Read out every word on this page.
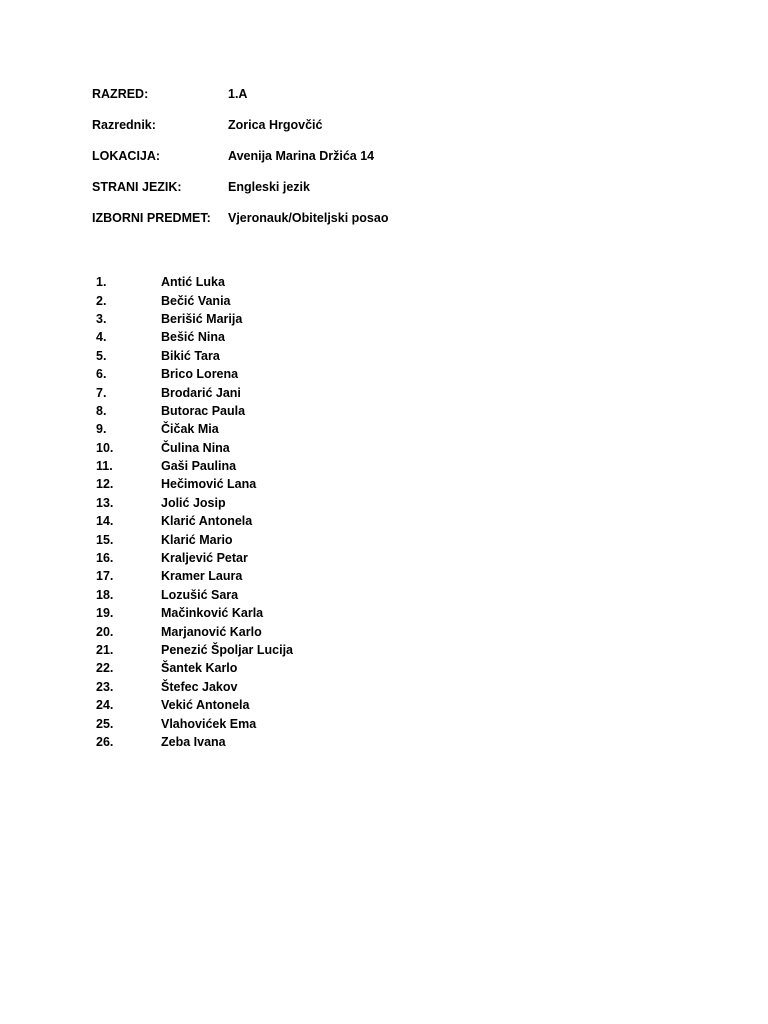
RAZRED:	1.A
Razrednik:	Zorica Hrgovčić
LOKACIJA:	Avenija Marina Držića 14
STRANI JEZIK:	Engleski jezik
IZBORNI PREDMET:	Vjeronauk/Obiteljski posao
1.	Antić Luka
2.	Bečić Vania
3.	Berišić Marija
4.	Bešić Nina
5.	Bikić Tara
6.	Brico Lorena
7.	Brodarić Jani
8.	Butorac Paula
9.	Čičak Mia
10.	Čulina Nina
11.	Gaši Paulina
12.	Hečimović Lana
13.	Jolić Josip
14.	Klarić Antonela
15.	Klarić Mario
16.	Kraljević Petar
17.	Kramer Laura
18.	Lozušić Sara
19.	Mačinković Karla
20.	Marjanović Karlo
21.	Penezić Špoljar Lucija
22.	Šantek Karlo
23.	Štefec Jakov
24.	Vekić Antonela
25.	Vlahovićek Ema
26.	Zeba Ivana
